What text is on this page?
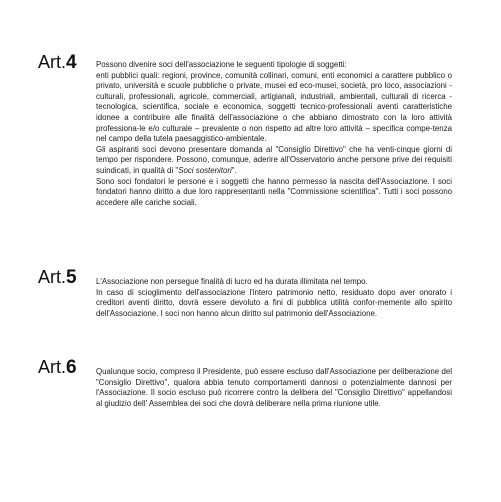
Art.4 Possono divenire soci dell'associazione le seguenti tipologie di soggetti:

enti pubblici quali: regioni, province, comunità collinari, comuni, enti economici a carattere pubblico o privato, università e scuole pubbliche o private, musei ed eco-musei, società, pro loco, associazioni - culturali, professionali, agricole, commerciali, artigianali, industriali, ambientali, culturali di ricerca - tecnologica, scientifica, sociale e economica, soggetti tecnico-professionali aventi caratteristiche idonee a contribuire alle finalità dell'associazione o che abbiano dimostrato con la loro attività professiona-le e/o culturale – prevalente o non rispetto ad altre loro attività – specifica compe-tenza nel campo della tutela paesaggistico-ambientale.

Gli aspiranti soci devono presentare domanda al "Consiglio Direttivo" che ha venti-cinque giorni di tempo per rispondere. Possono, comunque, aderire all'Osservatorio anche persone prive dei requisiti suindicati, in qualità di "Soci sostenitori".

Sono soci fondatori le persone e i soggetti che hanno permesso la nascita dell'Associazione. I soci fondatori hanno diritto a due loro rappresentanti nella "Commissione scientifica". Tutti i soci possono accedere alle cariche sociali.

Art.5 L'Associazione non persegue finalità di lucro ed ha durata illimitata nel tempo.

In caso di scioglimento dell'associazione l'intero patrimonio netto, residuato dopo aver onorato i creditori aventi diritto, dovrà essere devoluto a fini di pubblica utilità confor-memente allo spirito dell'Associazione. I soci non hanno alcun diritto sul patrimonio dell'Associazione.

Art.6 Qualunque socio, compreso il Presidente, può essere escluso dall'Associazione per deliberazione del "Consiglio Direttivo", qualora abbia tenuto comportamenti dannosi o potenzialmente dannosi per l'Associazione. Il socio escluso può ricorrere contro la delibera del "Consiglio Direttivo" appellandosi al giudizio dell' Assemblea dei soci che dovrà deliberare nella prima riunione utile.
